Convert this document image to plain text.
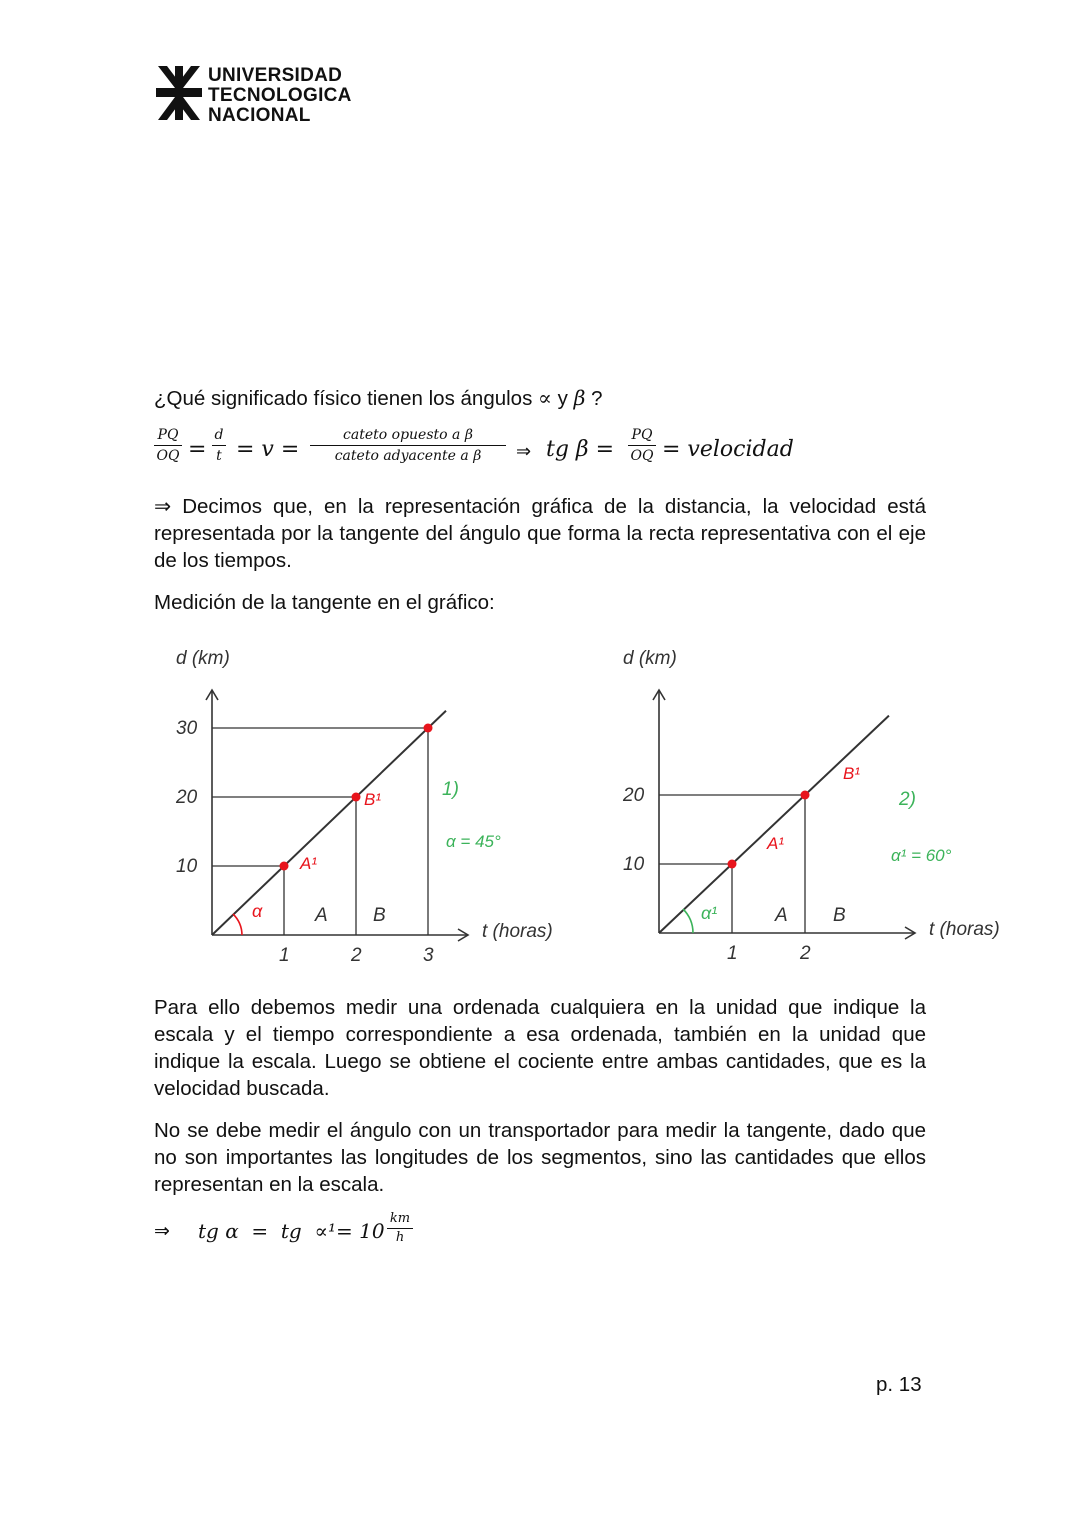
UNIVERSIDAD
TECNOLOGICA
NACIONAL
¿Qué significado físico tienen los ángulos ∝ y β ?
PQ
OQ =
d
t = v =
cateto opuesto a β
cateto adyacente a β	⇒ tg β =
PQ
OQ = velocidad

⇒ Decimos que, en la representación gráfica de la distancia, la velocidad está representada por la tangente del ángulo que forma la recta representativa con el eje de los tiempos.

Medición de la tangente en el gráfico:

d (km)
t (horas)
1
10
2
20
3
30
α
A¹
B¹
A B
1)
α = 45°
d (km)
t (horas)
1
10
2
20
α¹
A¹
B¹
A B
2)
α¹ = 60°

Para ello debemos medir una ordenada cualquiera en la unidad que indique la escala y el tiempo correspondiente a esa ordenada, también en la unidad que indique la escala. Luego se obtiene el cociente entre ambas cantidades, que es la velocidad buscada.

No se debe medir el ángulo con un transportador para medir la tangente, dado que no son importantes las longitudes de los segmentos, sino las cantidades que ellos representan en la escala.

⇒ tg α  =  tg  ∝¹= 10
km
h
p. 13
